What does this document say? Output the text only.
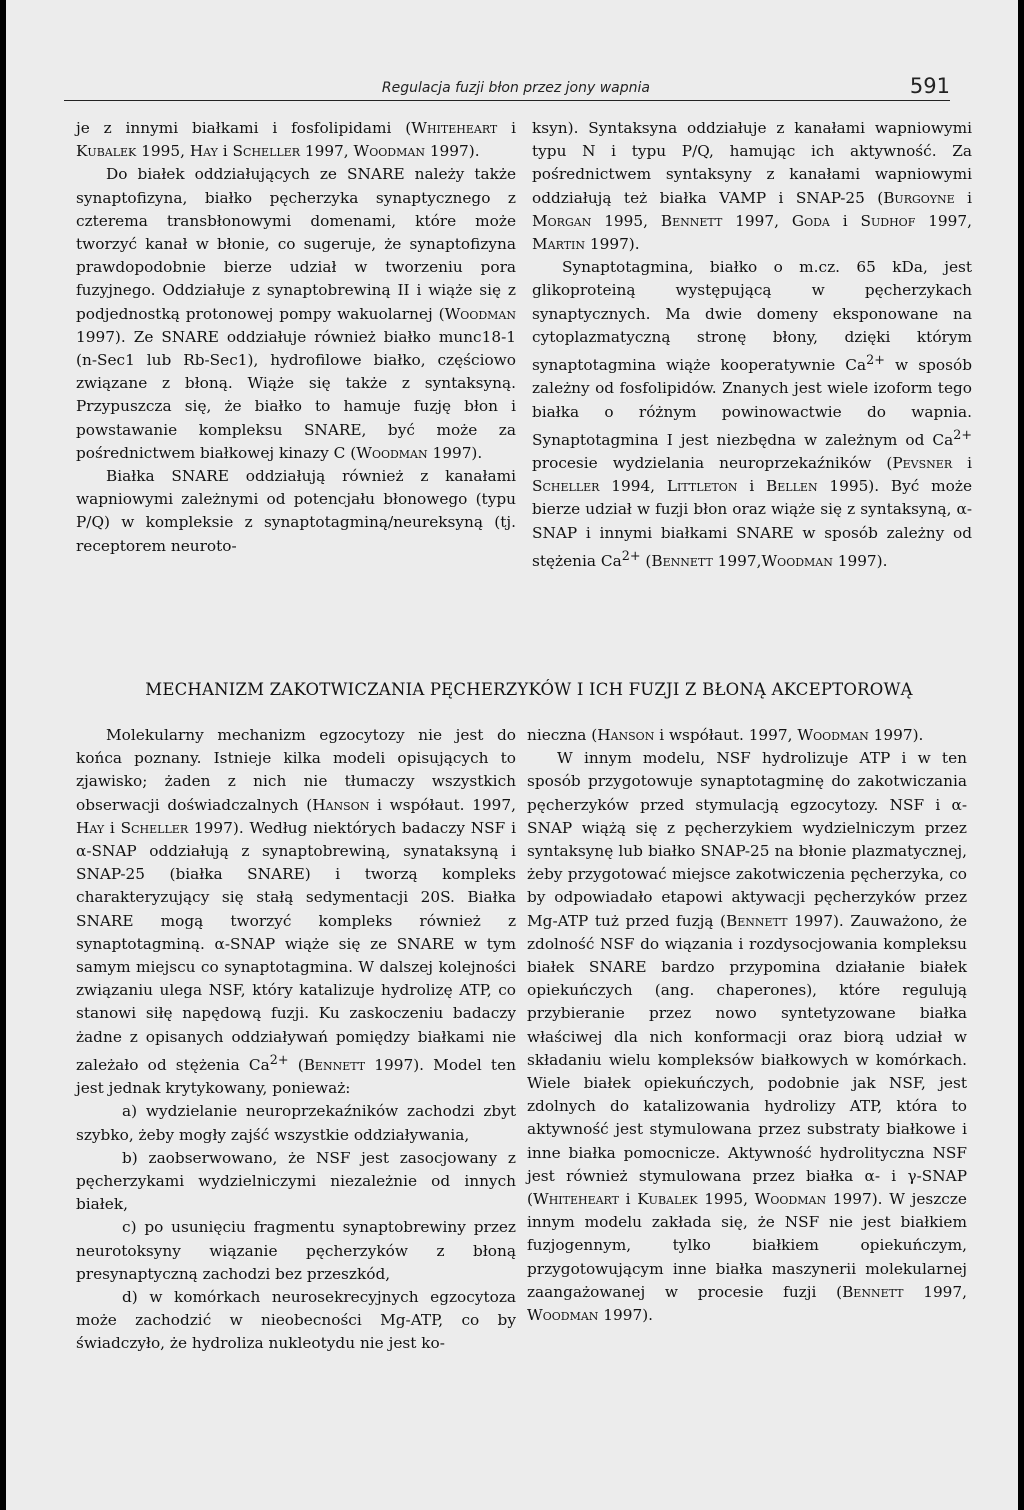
Regulacja fuzji błon przez jony wapnia	591

je z innymi białkami i fosfolipidami (Whiteheart i Kubalek 1995, Hay i Scheller 1997, Woodman 1997).

Do białek oddziałujących ze SNARE należy także synaptofizyna, białko pęcherzyka synaptycznego z czterema transbłonowymi domenami, które może tworzyć kanał w błonie, co sugeruje, że synaptofizyna prawdopodobnie bierze udział w tworzeniu pora fuzyjnego. Oddziałuje z synaptobrewiną II i wiąże się z podjednostką protonowej pompy wakuolarnej (Woodman 1997). Ze SNARE oddziałuje również białko munc18-1 (n-Sec1 lub Rb-Sec1), hydrofilowe białko, częściowo związane z błoną. Wiąże się także z syntaksyną. Przypuszcza się, że białko to hamuje fuzję błon i powstawanie kompleksu SNARE, być może za pośrednictwem białkowej kinazy C (Woodman 1997).

Białka SNARE oddziałują również z kanałami wapniowymi zależnymi od potencjału błonowego (typu P/Q) w kompleksie z synaptotagminą/neureksyną (tj. receptorem neuroto-

ksyn). Syntaksyna oddziałuje z kanałami wapniowymi typu N i typu P/Q, hamując ich aktywność. Za pośrednictwem syntaksyny z kanałami wapniowymi oddziałują też białka VAMP i SNAP-25 (Burgoyne i Morgan 1995, Bennett 1997, Goda i Sudhof 1997, Martin 1997).

Synaptotagmina, białko o m.cz. 65 kDa, jest glikoproteiną występującą w pęcherzykach synaptycznych. Ma dwie domeny eksponowane na cytoplazmatyczną stronę błony, dzięki którym synaptotagmina wiąże kooperatywnie $Ca^{2+}$ w sposób zależny od fosfolipidów. Znanych jest wiele izoform tego białka o różnym powinowactwie do wapnia. Synaptotagmina I jest niezbędna w zależnym od $Ca^{2+}$ procesie wydzielania neuroprzekaźników (Pevsner i Scheller 1994, Littleton i Bellen 1995). Być może bierze udział w fuzji błon oraz wiąże się z syntaksyną, α-SNAP i innymi białkami SNARE w sposób zależny od stężenia $Ca^{2+}$ (Bennett 1997,Woodman 1997).

MECHANIZM ZAKOTWICZANIA PĘCHERZYKÓW I ICH FUZJI Z BŁONĄ AKCEPTOROWĄ

Molekularny mechanizm egzocytozy nie jest do końca poznany. Istnieje kilka modeli opisujących to zjawisko; żaden z nich nie tłumaczy wszystkich obserwacji doświadczalnych (Hanson i współaut. 1997, Hay i Scheller 1997). Według niektórych badaczy NSF i α-SNAP oddziałują z synaptobrewiną, synataksyną i SNAP-25 (białka SNARE) i tworzą kompleks charakteryzujący się stałą sedymentacji 20S. Białka SNARE mogą tworzyć kompleks również z synaptotagminą. α-SNAP wiąże się ze SNARE w tym samym miejscu co synaptotagmina. W dalszej kolejności związaniu ulega NSF, który katalizuje hydrolizę ATP, co stanowi siłę napędową fuzji. Ku zaskoczeniu badaczy żadne z opisanych oddziaływań pomiędzy białkami nie zależało od stężenia $Ca^{2+}$ (Bennett 1997). Model ten jest jednak krytykowany, ponieważ:

a) wydzielanie neuroprzekaźników zachodzi zbyt szybko, żeby mogły zajść wszystkie oddziaływania,

b) zaobserwowano, że NSF jest zasocjowany z pęcherzykami wydzielniczymi niezależnie od innych białek,

c) po usunięciu fragmentu synaptobrewiny przez neurotoksyny wiązanie pęcherzyków z błoną presynaptyczną zachodzi bez przeszkód,

d) w komórkach neurosekrecyjnych egzocytoza może zachodzić w nieobecności Mg-ATP, co by świadczyło, że hydroliza nukleotydu nie jest ko-

nieczna (Hanson i współaut. 1997, Woodman 1997).

W innym modelu, NSF hydrolizuje ATP i w ten sposób przygotowuje synaptotagminę do zakotwiczania pęcherzyków przed stymulacją egzocytozy. NSF i α-SNAP wiążą się z pęcherzykiem wydzielniczym przez syntaksynę lub białko SNAP-25 na błonie plazmatycznej, żeby przygotować miejsce zakotwiczenia pęcherzyka, co by odpowiadało etapowi aktywacji pęcherzyków przez Mg-ATP tuż przed fuzją (Bennett 1997). Zauważono, że zdolność NSF do wiązania i rozdysocjowania kompleksu białek SNARE bardzo przypomina działanie białek opiekuńczych (ang. chaperones), które regulują przybieranie przez nowo syntetyzowane białka właściwej dla nich konformacji oraz biorą udział w składaniu wielu kompleksów białkowych w komórkach. Wiele białek opiekuńczych, podobnie jak NSF, jest zdolnych do katalizowania hydrolizy ATP, która to aktywność jest stymulowana przez substraty białkowe i inne białka pomocnicze. Aktywność hydrolityczna NSF jest również stymulowana przez białka α- i γ-SNAP (Whiteheart i Kubalek 1995, Woodman 1997). W jeszcze innym modelu zakłada się, że NSF nie jest białkiem fuzjogennym, tylko białkiem opiekuńczym, przygotowującym inne białka maszynerii molekularnej zaangażowanej w procesie fuzji (Bennett 1997, Woodman 1997).
